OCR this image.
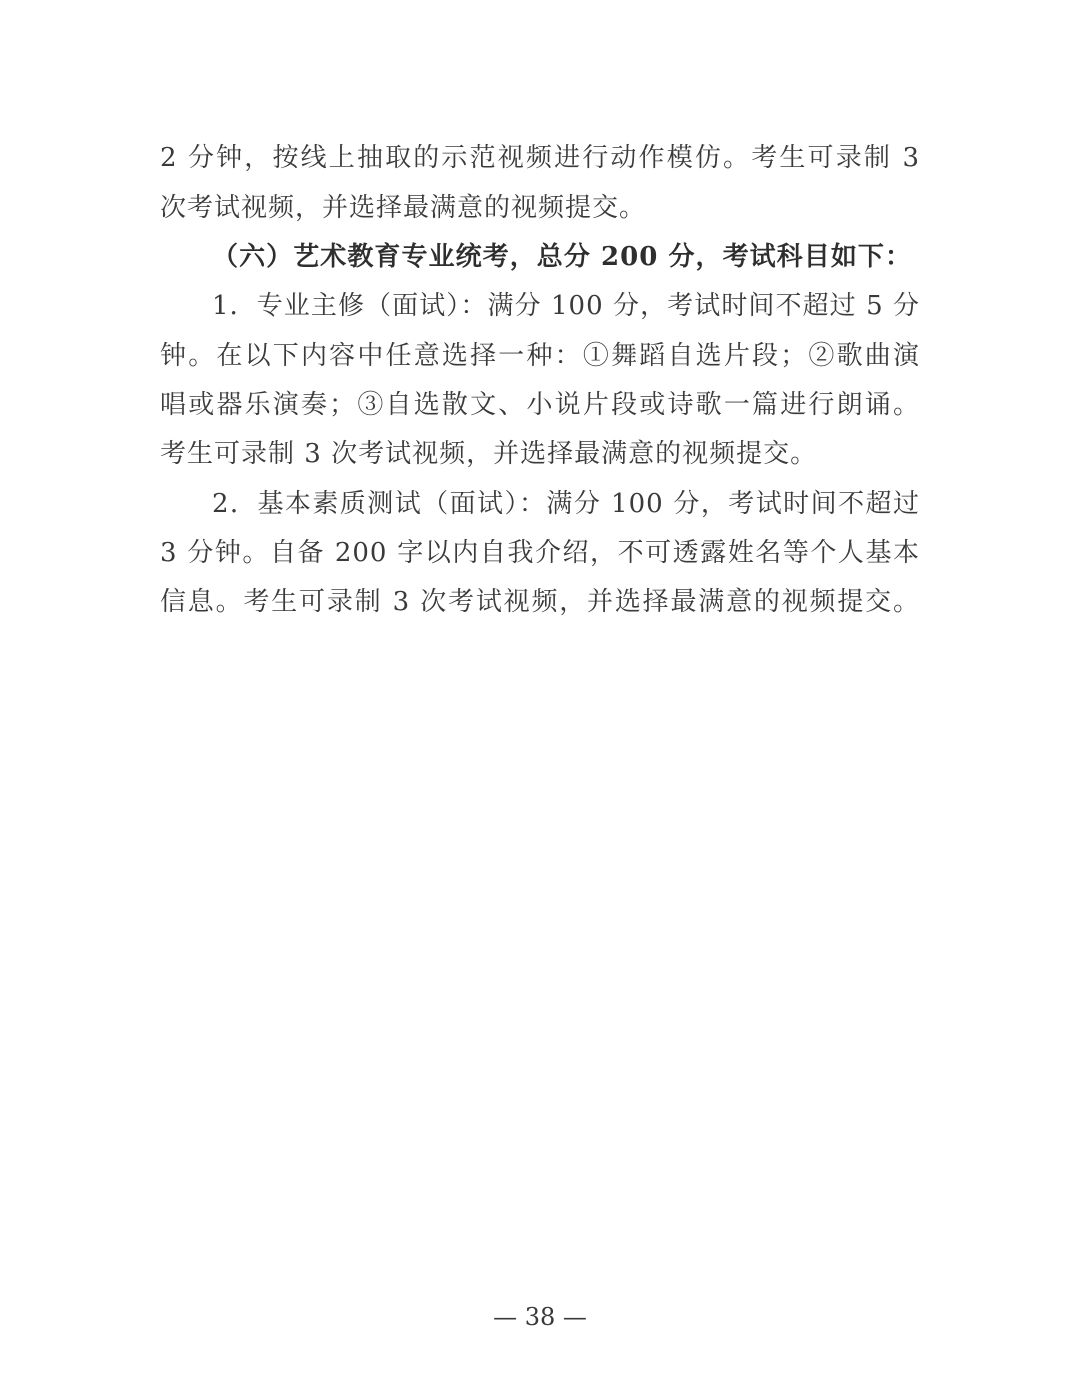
2 分钟，按线上抽取的示范视频进行动作模仿。考生可录制 3
次考试视频，并选择最满意的视频提交。
（六）艺术教育专业统考，总分 200 分，考试科目如下：
1．专业主修（面试）：满分 100 分，考试时间不超过 5 分
钟。在以下内容中任意选择一种：①舞蹈自选片段；②歌曲演
唱或器乐演奏；③自选散文、小说片段或诗歌一篇进行朗诵。
考生可录制 3 次考试视频，并选择最满意的视频提交。
2．基本素质测试（面试）：满分 100 分，考试时间不超过
3 分钟。自备 200 字以内自我介绍，不可透露姓名等个人基本
信息。考生可录制 3 次考试视频，并选择最满意的视频提交。
— 38 —
